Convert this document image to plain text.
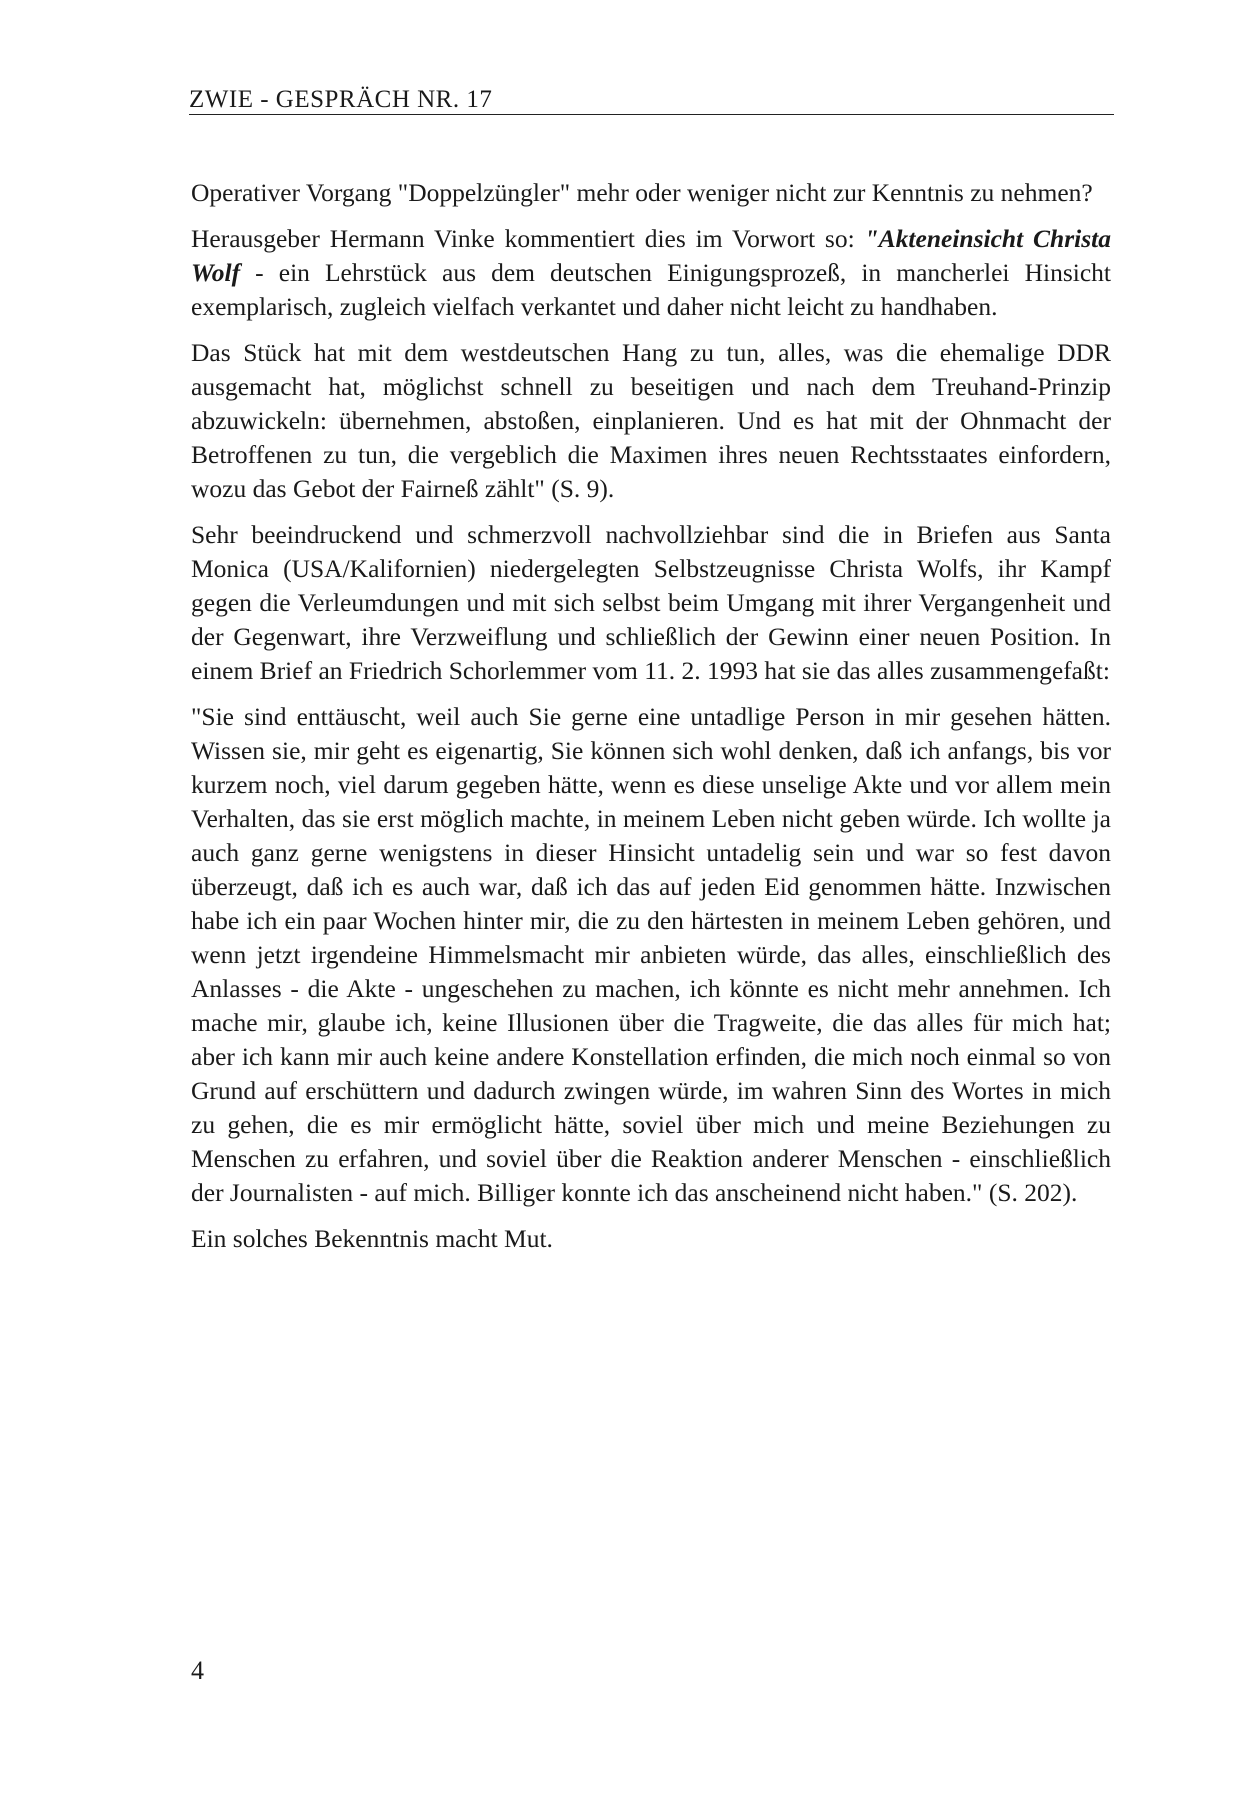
ZWIE - GESPRÄCH NR. 17

Operativer Vorgang "Doppelzüngler" mehr oder weniger nicht zur Kenntnis zu nehmen?

Herausgeber Hermann Vinke kommentiert dies im Vorwort so: "Akteneinsicht Christa Wolf - ein Lehrstück aus dem deutschen Einigungsprozeß, in mancherlei Hinsicht exemplarisch, zugleich vielfach verkantet und daher nicht leicht zu handhaben.

Das Stück hat mit dem westdeutschen Hang zu tun, alles, was die ehemalige DDR ausgemacht hat, möglichst schnell zu beseitigen und nach dem Treuhand-Prinzip abzuwickeln: übernehmen, abstoßen, einplanieren. Und es hat mit der Ohnmacht der Betroffenen zu tun, die vergeblich die Maximen ihres neuen Rechtsstaates einfordern, wozu das Gebot der Fairneß zählt" (S. 9).

Sehr beeindruckend und schmerzvoll nachvollziehbar sind die in Briefen aus Santa Monica (USA/Kalifornien) niedergelegten Selbstzeugnisse Christa Wolfs, ihr Kampf gegen die Verleumdungen und mit sich selbst beim Umgang mit ihrer Vergangenheit und der Gegenwart, ihre Verzweiflung und schließlich der Gewinn einer neuen Position. In einem Brief an Friedrich Schorlemmer vom 11. 2. 1993 hat sie das alles zusammengefaßt:

"Sie sind enttäuscht, weil auch Sie gerne eine untadlige Person in mir gesehen hätten. Wissen sie, mir geht es eigenartig, Sie können sich wohl denken, daß ich anfangs, bis vor kurzem noch, viel darum gegeben hätte, wenn es diese unselige Akte und vor allem mein Verhalten, das sie erst möglich machte, in meinem Leben nicht geben würde. Ich wollte ja auch ganz gerne wenigstens in dieser Hinsicht untadelig sein und war so fest davon überzeugt, daß ich es auch war, daß ich das auf jeden Eid genommen hätte. Inzwischen habe ich ein paar Wochen hinter mir, die zu den härtesten in meinem Leben gehören, und wenn jetzt irgendeine Himmelsmacht mir anbieten würde, das alles, einschließlich des Anlasses - die Akte - ungeschehen zu machen, ich könnte es nicht mehr annehmen. Ich mache mir, glaube ich, keine Illusionen über die Tragweite, die das alles für mich hat; aber ich kann mir auch keine andere Konstellation erfinden, die mich noch einmal so von Grund auf erschüttern und dadurch zwingen würde, im wahren Sinn des Wortes in mich zu gehen, die es mir ermöglicht hätte, soviel über mich und meine Beziehungen zu Menschen zu erfahren, und soviel über die Reaktion anderer Menschen - einschließlich der Journalisten - auf mich. Billiger konnte ich das anscheinend nicht haben." (S. 202).

Ein solches Bekenntnis macht Mut.

4
